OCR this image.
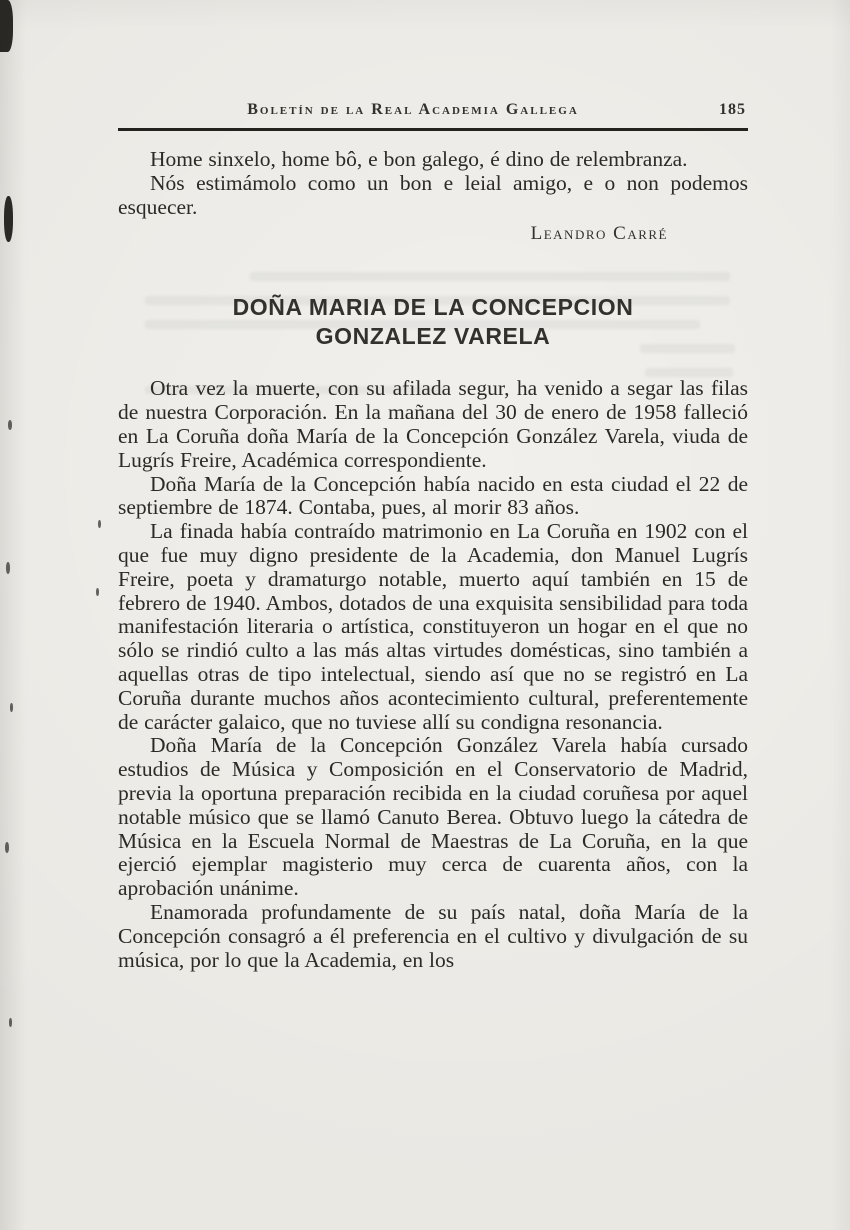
Boletín de la Real Academia Gallega	185

Home sinxelo, home bô, e bon galego, é dino de relembranza.

Nós estimámolo como un bon e leial amigo, e o non podemos esquecer.

Leandro Carré

DOÑA MARIA DE LA CONCEPCION
GONZALEZ VARELA

Otra vez la muerte, con su afilada segur, ha venido a segar las filas de nuestra Corporación. En la mañana del 30 de enero de 1958 falleció en La Coruña doña María de la Concepción González Varela, viuda de Lugrís Freire, Académica correspondiente.

Doña María de la Concepción había nacido en esta ciudad el 22 de septiembre de 1874. Contaba, pues, al morir 83 años.

La finada había contraído matrimonio en La Coruña en 1902 con el que fue muy digno presidente de la Academia, don Manuel Lugrís Freire, poeta y dramaturgo notable, muerto aquí también en 15 de febrero de 1940. Ambos, dotados de una exquisita sensibilidad para toda manifestación literaria o artística, constituyeron un hogar en el que no sólo se rindió culto a las más altas virtudes domésticas, sino también a aquellas otras de tipo intelectual, siendo así que no se registró en La Coruña durante muchos años acontecimiento cultural, preferentemente de carácter galaico, que no tuviese allí su condigna resonancia.

Doña María de la Concepción González Varela había cursado estudios de Música y Composición en el Conservatorio de Madrid, previa la oportuna preparación recibida en la ciudad coruñesa por aquel notable músico que se llamó Canuto Berea. Obtuvo luego la cátedra de Música en la Escuela Normal de Maestras de La Coruña, en la que ejerció ejemplar magisterio muy cerca de cuarenta años, con la aprobación unánime.

Enamorada profundamente de su país natal, doña María de la Concepción consagró a él preferencia en el cultivo y divulgación de su música, por lo que la Academia, en los
